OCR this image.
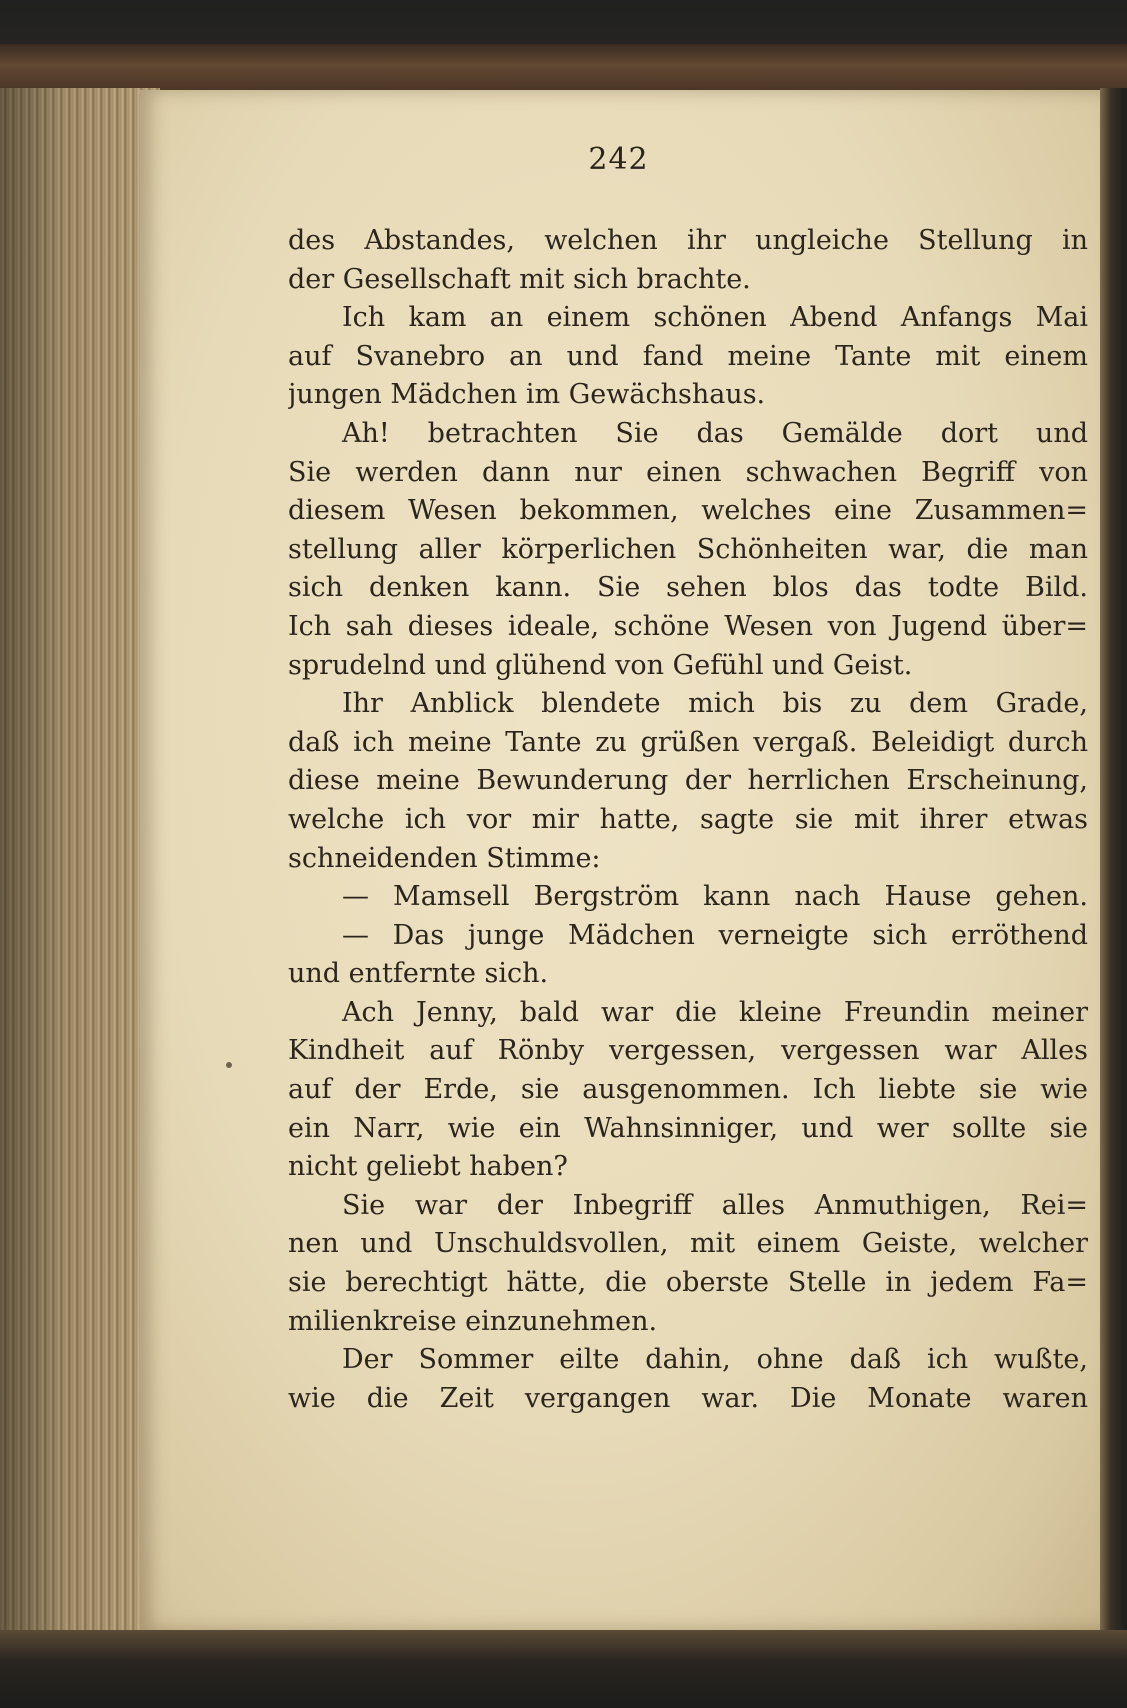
242
des Abstandes, welchen ihr ungleiche Stellung in
der Gesellschaft mit sich brachte.
Ich kam an einem schönen Abend Anfangs Mai
auf Svanebro an und fand meine Tante mit einem
jungen Mädchen im Gewächshaus.
Ah! betrachten Sie das Gemälde dort und
Sie werden dann nur einen schwachen Begriff von
diesem Wesen bekommen, welches eine Zusammen=
stellung aller körperlichen Schönheiten war, die man
sich denken kann. Sie sehen blos das todte Bild.
Ich sah dieses ideale, schöne Wesen von Jugend über=
sprudelnd und glühend von Gefühl und Geist.
Ihr Anblick blendete mich bis zu dem Grade,
daß ich meine Tante zu grüßen vergaß. Beleidigt durch
diese meine Bewunderung der herrlichen Erscheinung,
welche ich vor mir hatte, sagte sie mit ihrer etwas
schneidenden Stimme:
— Mamsell Bergström kann nach Hause gehen.
— Das junge Mädchen verneigte sich erröthend
und entfernte sich.
Ach Jenny, bald war die kleine Freundin meiner
Kindheit auf Rönby vergessen, vergessen war Alles
auf der Erde, sie ausgenommen. Ich liebte sie wie
ein Narr, wie ein Wahnsinniger, und wer sollte sie
nicht geliebt haben?
Sie war der Inbegriff alles Anmuthigen, Rei=
nen und Unschuldsvollen, mit einem Geiste, welcher
sie berechtigt hätte, die oberste Stelle in jedem Fa=
milienkreise einzunehmen.
Der Sommer eilte dahin, ohne daß ich wußte,
wie die Zeit vergangen war. Die Monate waren
